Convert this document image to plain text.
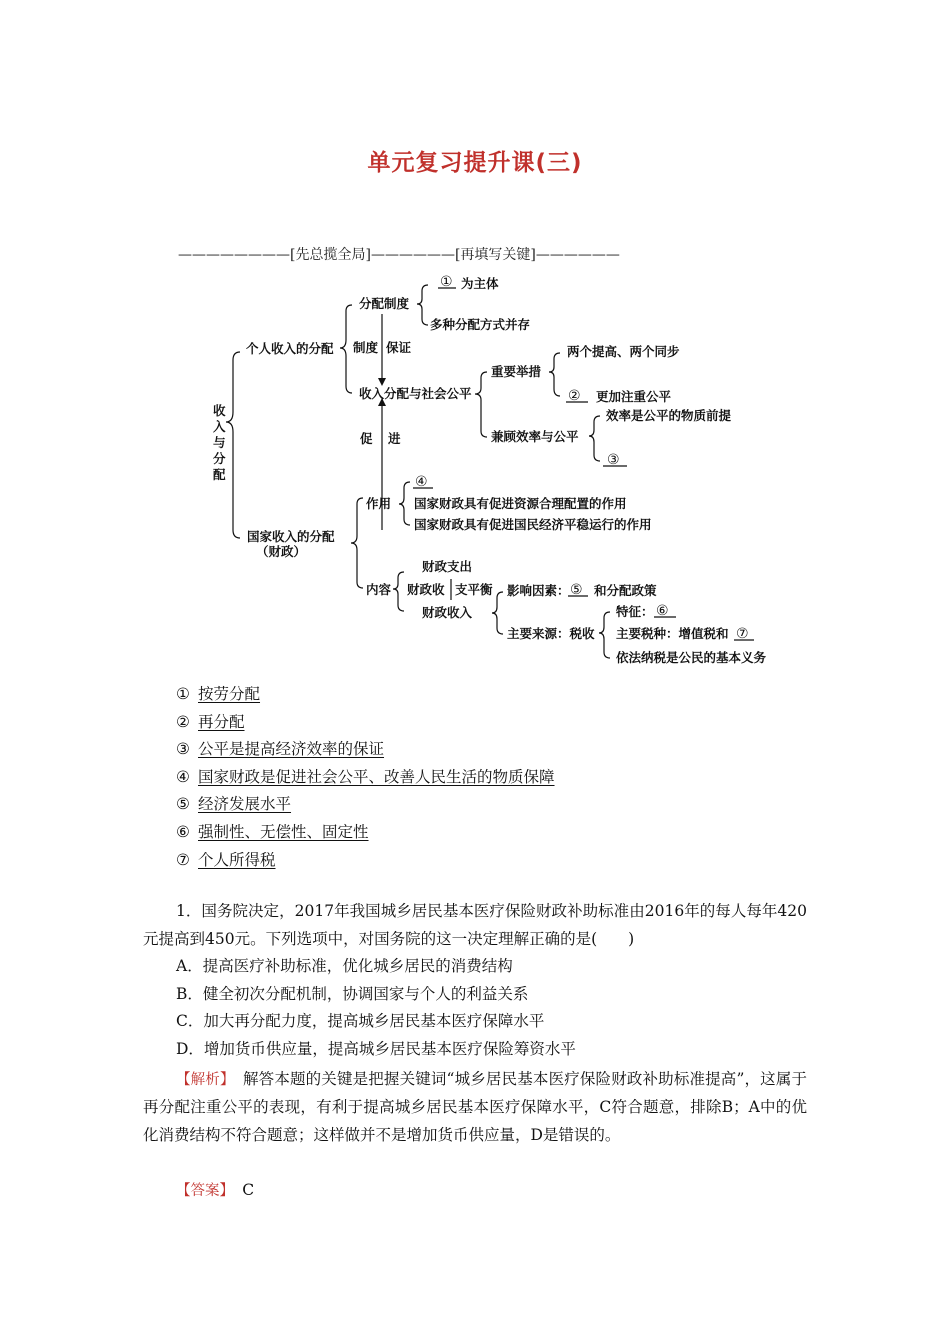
单元复习提升课(三)
————————[先总揽全局]——————[再填写关键]——————
收
入
与
分
配
个人收入的分配
分配制度
① 为主体
多种分配方式并存
制度 保证
收入分配与社会公平
重要举措
两个提高、两个同步
② 更加注重公平
兼顾效率与公平
效率是公平的物质前提
③
促 进
国家收入的分配
（财政）
作用
④
国家财政具有促进资源合理配置的作用
国家财政具有促进国民经济平稳运行的作用
内容
财政支出
财政收 支平衡
财政收入
影响因素： ⑤ 和分配政策
主要来源：税收
特征： ⑥
主要税种：增值税和 ⑦
依法纳税是公民的基本义务
① 按劳分配
② 再分配
③ 公平是提高经济效率的保证
④ 国家财政是促进社会公平、改善人民生活的物质保障
⑤ 经济发展水平
⑥ 强制性、无偿性、固定性
⑦ 个人所得税
1．国务院决定，2017年我国城乡居民基本医疗保险财政补助标准由2016年的每人每年420元提高到450元。下列选项中，对国务院的这一决定理解正确的是(　　)
A．提高医疗补助标准，优化城乡居民的消费结构
B．健全初次分配机制，协调国家与个人的利益关系
C．加大再分配力度，提高城乡居民基本医疗保障水平
D．增加货币供应量，提高城乡居民基本医疗保险筹资水平
【解析】　解答本题的关键是把握关键词“城乡居民基本医疗保险财政补助标准提高”，这属于再分配注重公平的表现，有利于提高城乡居民基本医疗保障水平，C符合题意，排除B；A中的优化消费结构不符合题意；这样做并不是增加货币供应量，D是错误的。
【答案】　 C
